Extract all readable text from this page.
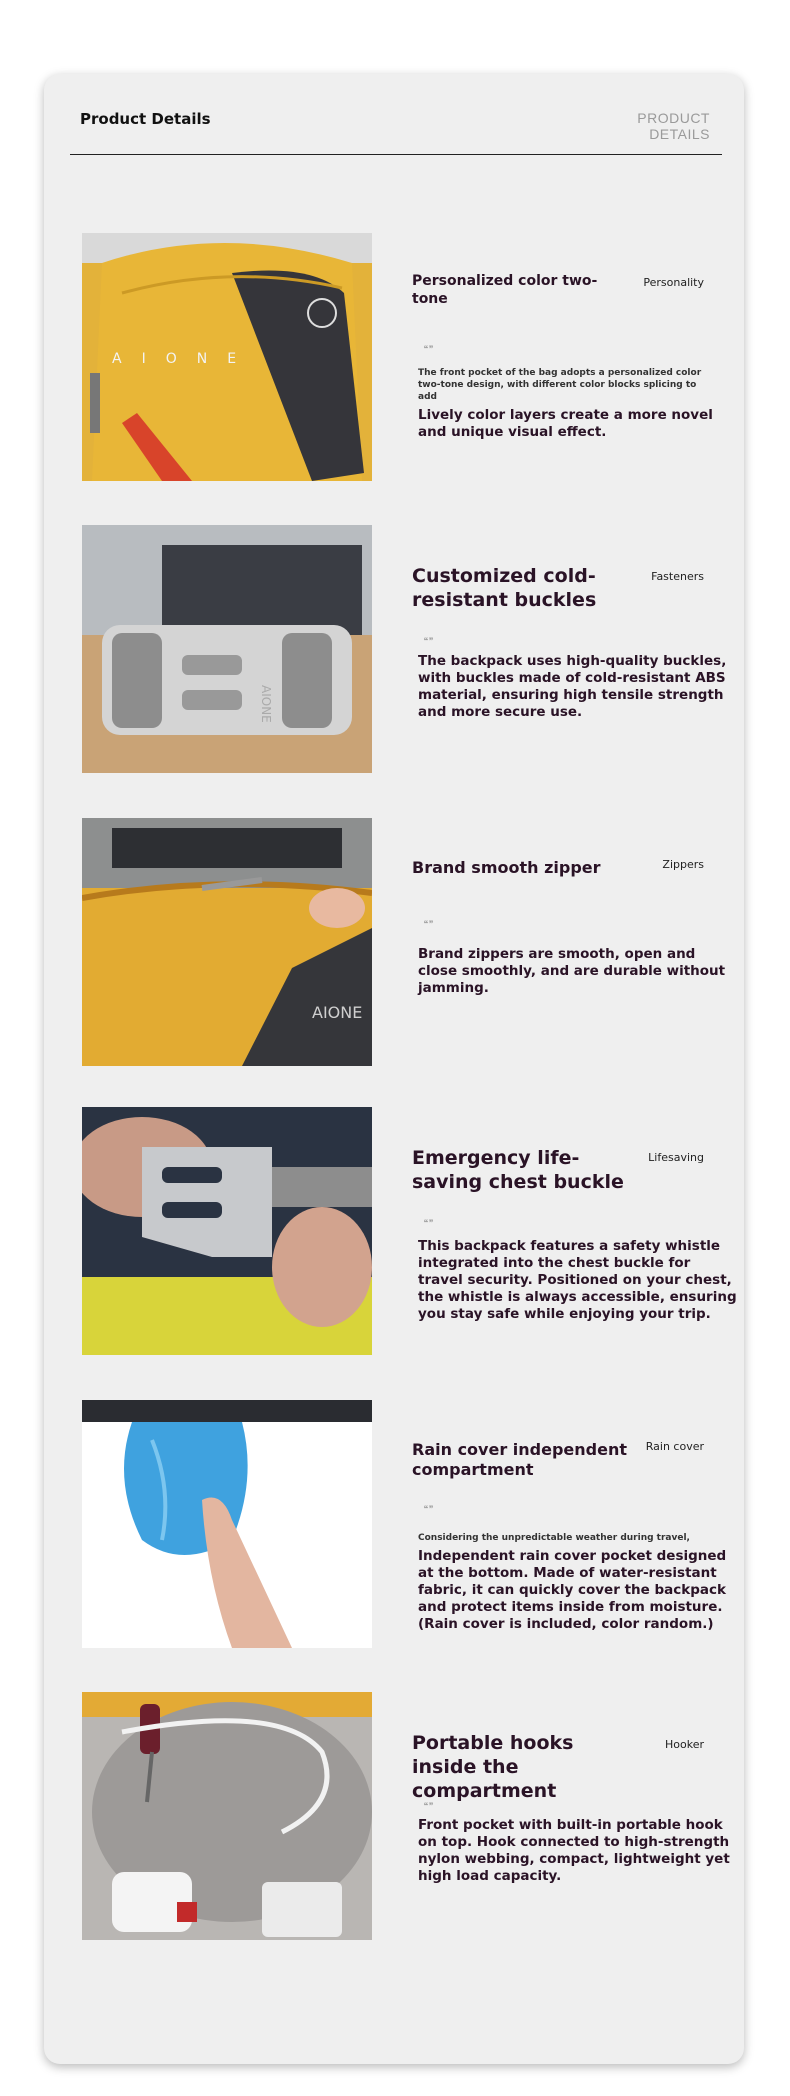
Product Details	PRODUCT
DETAILS
AIONE
Personalized color two-tone
Personality
“”
The front pocket of the bag adopts a personalized color two-tone design, with different color blocks splicing to add
Lively color layers create a more novel and unique visual effect.
AIONE
Customized cold-resistant buckles
Fasteners
“”
The backpack uses high-quality buckles, with buckles made of cold-resistant ABS material, ensuring high tensile strength and more secure use.
AIONE
Brand smooth zipper	Zippers
“”
Brand zippers are smooth, open and close smoothly, and are durable without jamming.
Emergency life-saving chest buckle
Lifesaving
“”
This backpack features a safety whistle integrated into the chest buckle for travel security. Positioned on your chest, the whistle is always accessible, ensuring you stay safe while enjoying your trip.
Rain cover independent compartment
Rain cover
“”
Considering the unpredictable weather during travel,
Independent rain cover pocket designed at the bottom. Made of water-resistant fabric, it can quickly cover the backpack and protect items inside from moisture. (Rain cover is included, color random.)
Portable hooks inside the compartment
Hooker
“”
Front pocket with built-in portable hook on top. Hook connected to high-strength nylon webbing, compact, lightweight yet high load capacity.
